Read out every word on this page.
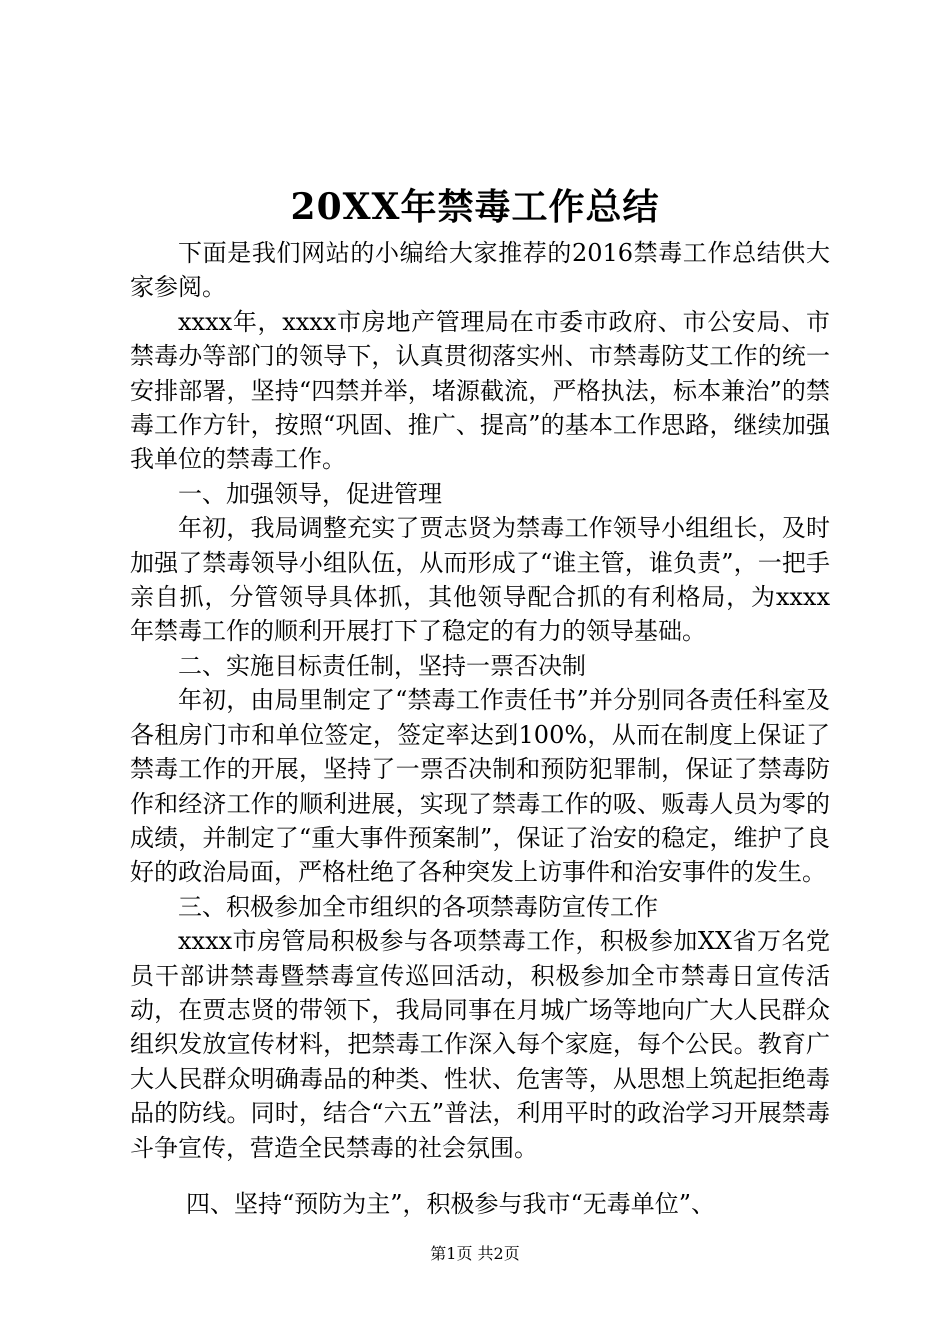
20XX年禁毒工作总结

下面是我们网站的小编给大家推荐的2016禁毒工作总结供大家参阅。

xxxx年，xxxx市房地产管理局在市委市政府、市公安局、市禁毒办等部门的领导下，认真贯彻落实州、市禁毒防艾工作的统一安排部署，坚持“四禁并举，堵源截流，严格执法，标本兼治”的禁毒工作方针，按照“巩固、推广、提高”的基本工作思路，继续加强我单位的禁毒工作。

一、加强领导，促进管理

年初，我局调整充实了贾志贤为禁毒工作领导小组组长，及时加强了禁毒领导小组队伍，从而形成了“谁主管，谁负责”，一把手亲自抓，分管领导具体抓，其他领导配合抓的有利格局，为xxxx年禁毒工作的顺利开展打下了稳定的有力的领导基础。

二、实施目标责任制，坚持一票否决制

年初，由局里制定了“禁毒工作责任书”并分别同各责任科室及各租房门市和单位签定，签定率达到100%，从而在制度上保证了禁毒工作的开展，坚持了一票否决制和预防犯罪制，保证了禁毒防作和经济工作的顺利进展，实现了禁毒工作的吸、贩毒人员为零的成绩，并制定了“重大事件预案制”，保证了治安的稳定，维护了良好的政治局面，严格杜绝了各种突发上访事件和治安事件的发生。

三、积极参加全市组织的各项禁毒防宣传工作

xxxx市房管局积极参与各项禁毒工作，积极参加XX省万名党员干部讲禁毒暨禁毒宣传巡回活动，积极参加全市禁毒日宣传活动，在贾志贤的带领下，我局同事在月城广场等地向广大人民群众组织发放宣传材料，把禁毒工作深入每个家庭，每个公民。教育广大人民群众明确毒品的种类、性状、危害等，从思想上筑起拒绝毒品的防线。同时，结合“六五”普法，利用平时的政治学习开展禁毒斗争宣传，营造全民禁毒的社会氛围。

四、坚持“预防为主”，积极参与我市“无毒单位”、

第1页 共2页
